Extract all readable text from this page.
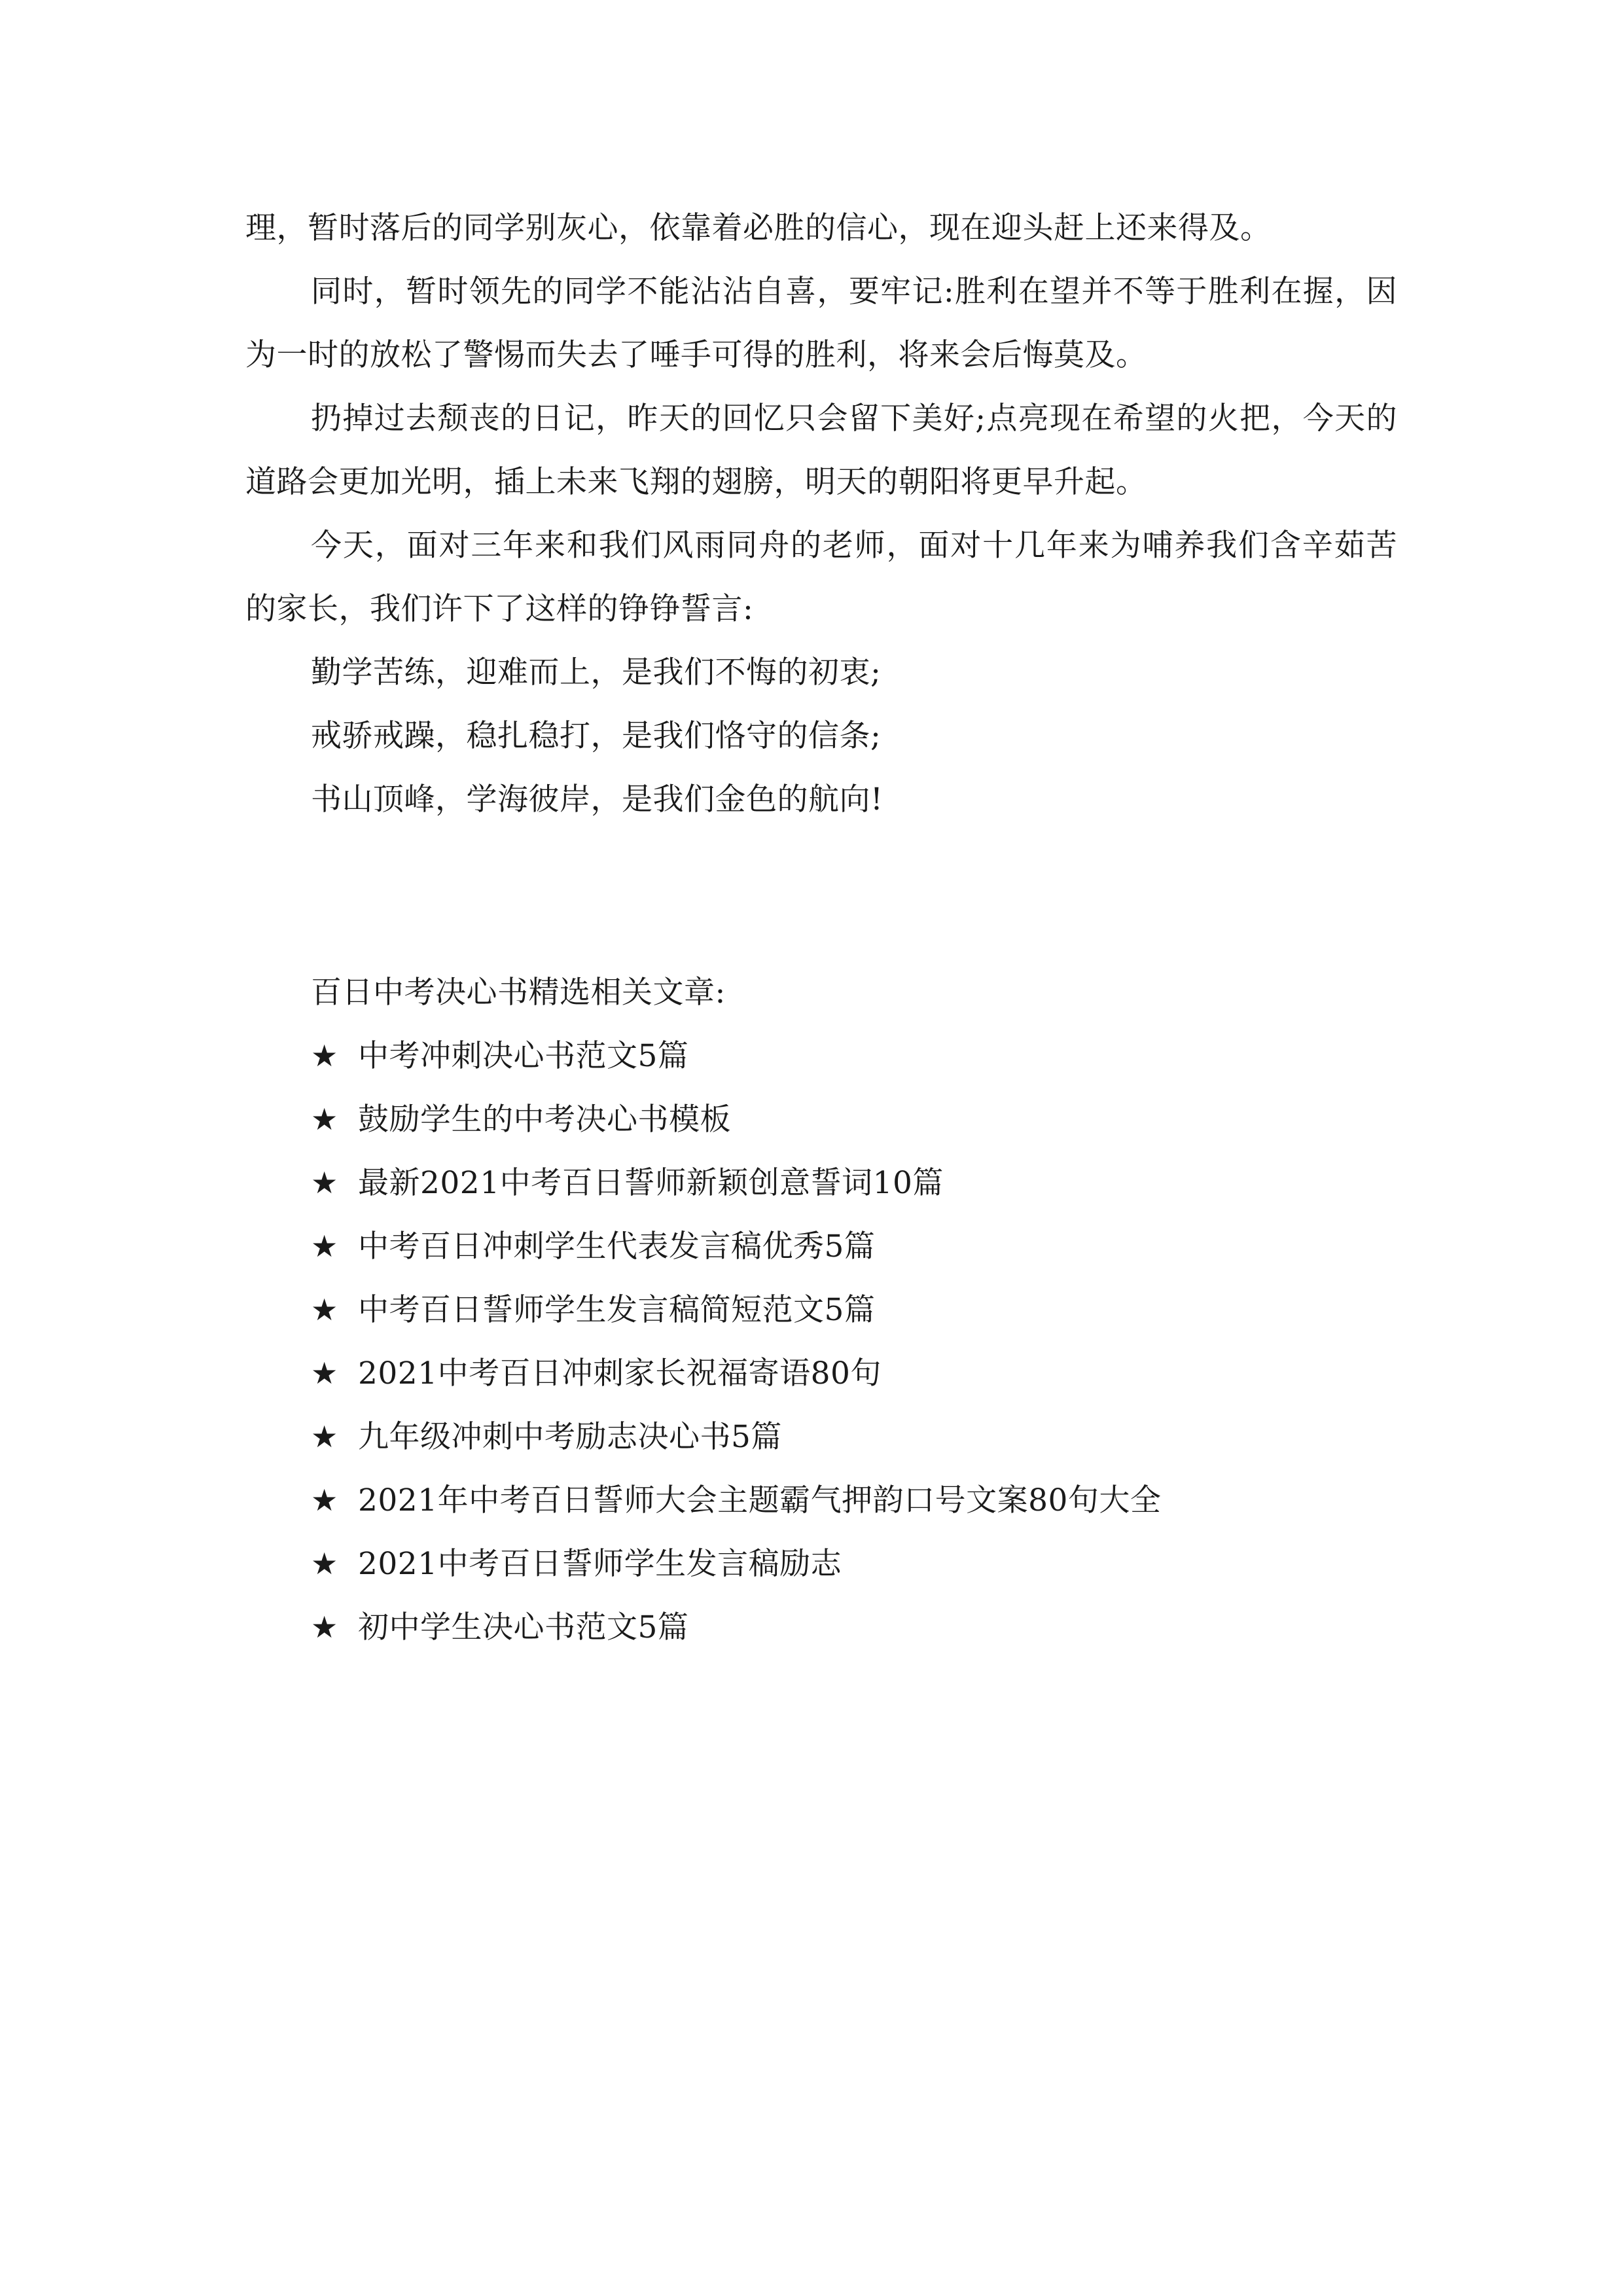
理，暂时落后的同学别灰心，依靠着必胜的信心，现在迎头赶上还来得及。

同时，暂时领先的同学不能沾沾自喜，要牢记:胜利在望并不等于胜利在握，因为一时的放松了警惕而失去了唾手可得的胜利，将来会后悔莫及。

扔掉过去颓丧的日记，昨天的回忆只会留下美好;点亮现在希望的火把，今天的道路会更加光明，插上未来飞翔的翅膀，明天的朝阳将更早升起。

今天，面对三年来和我们风雨同舟的老师，面对十几年来为哺养我们含辛茹苦的家长，我们许下了这样的铮铮誓言:

勤学苦练，迎难而上，是我们不悔的初衷;

戒骄戒躁，稳扎稳打，是我们恪守的信条;

书山顶峰，学海彼岸，是我们金色的航向!

百日中考决心书精选相关文章:

★ 中考冲刺决心书范文5篇
★ 鼓励学生的中考决心书模板
★ 最新2021中考百日誓师新颖创意誓词10篇
★ 中考百日冲刺学生代表发言稿优秀5篇
★ 中考百日誓师学生发言稿简短范文5篇
★ 2021中考百日冲刺家长祝福寄语80句
★ 九年级冲刺中考励志决心书5篇
★ 2021年中考百日誓师大会主题霸气押韵口号文案80句大全
★ 2021中考百日誓师学生发言稿励志
★ 初中学生决心书范文5篇
